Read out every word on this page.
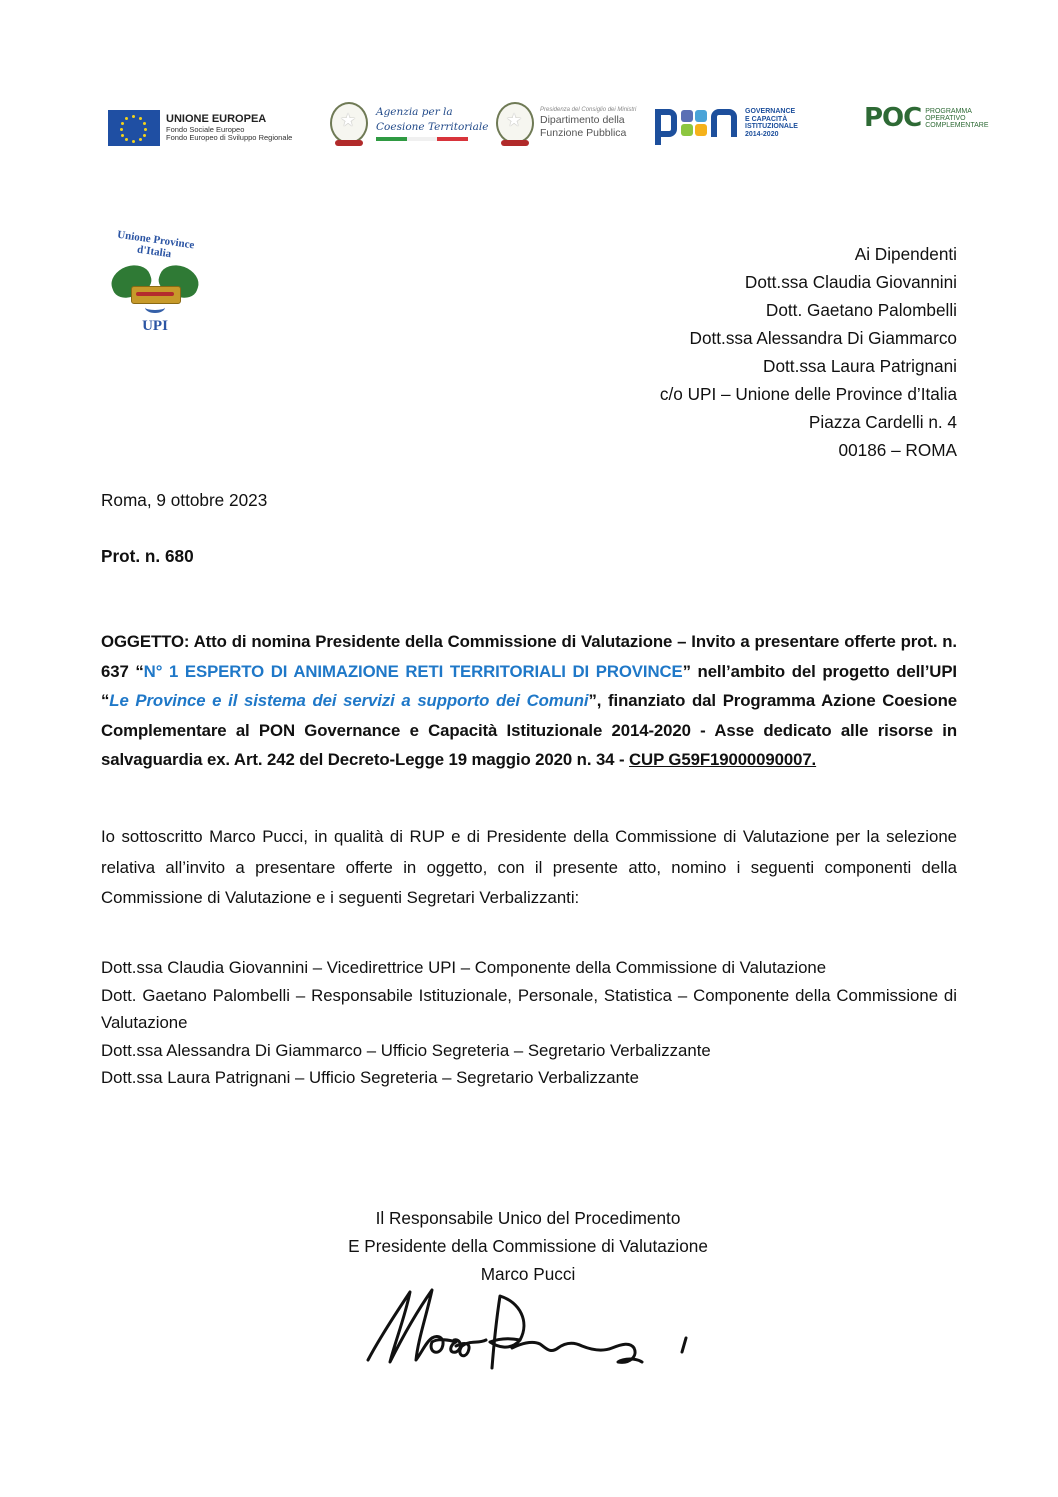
UNIONE EUROPEA
Fondo Sociale Europeo
Fondo Europeo di Sviluppo Regionale
★
Agenzia per la
Coesione Territoriale
★
Presidenza del Consiglio dei Ministri
Dipartimento della
Funzione Pubblica
GOVERNANCE
E CAPACITÀ
ISTITUZIONALE
2014-2020
POC PROGRAMMA
OPERATIVO
COMPLEMENTARE
Unione Province d'Italia
UPI
Ai Dipendenti
Dott.ssa Claudia Giovannini
Dott. Gaetano Palombelli
Dott.ssa Alessandra Di Giammarco
Dott.ssa Laura Patrignani
c/o UPI – Unione delle Province d’Italia
Piazza Cardelli n. 4
00186 – ROMA
Roma, 9 ottobre 2023
Prot. n. 680
OGGETTO: Atto di nomina Presidente della Commissione di Valutazione – Invito a presentare offerte prot. n. 637 “N° 1 ESPERTO DI ANIMAZIONE RETI TERRITORIALI DI PROVINCE” nell’ambito del progetto dell’UPI “Le Province e il sistema dei servizi a supporto dei Comuni”, finanziato dal Programma Azione Coesione Complementare al PON Governance e Capacità Istituzionale 2014-2020 - Asse dedicato alle risorse in salvaguardia ex. Art. 242 del Decreto-Legge 19 maggio 2020 n. 34 - CUP G59F19000090007.
Io sottoscritto Marco Pucci, in qualità di RUP e di Presidente della Commissione di Valutazione per la selezione relativa all’invito a presentare offerte in oggetto, con il presente atto, nomino i seguenti componenti della Commissione di Valutazione e i seguenti Segretari Verbalizzanti:
Dott.ssa Claudia Giovannini – Vicedirettrice UPI – Componente della Commissione di Valutazione
Dott. Gaetano Palombelli – Responsabile Istituzionale, Personale, Statistica – Componente della Commissione di Valutazione
Dott.ssa Alessandra Di Giammarco – Ufficio Segreteria – Segretario Verbalizzante
Dott.ssa Laura Patrignani – Ufficio Segreteria – Segretario Verbalizzante
Il Responsabile Unico del Procedimento
E Presidente della Commissione di Valutazione
Marco Pucci
